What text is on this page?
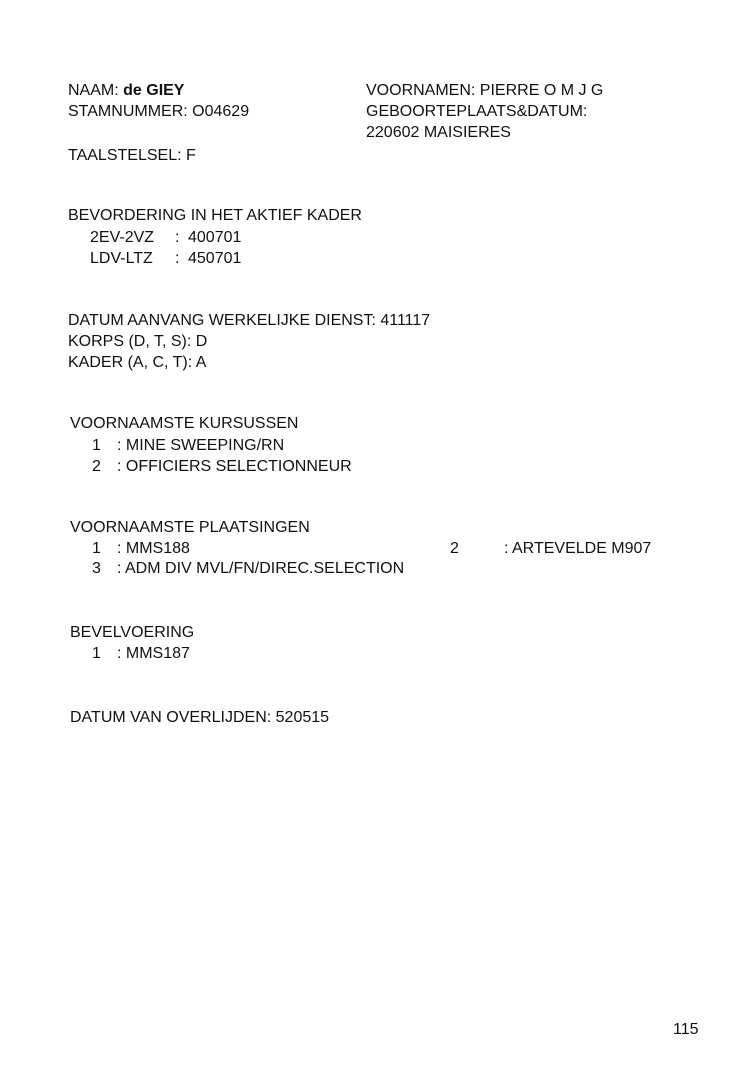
NAAM: de GIEY
STAMNUMMER: O04629
TAALSTELSEL: F
VOORNAMEN: PIERRE O M J G
GEBOORTEPLAATS&DATUM:
220602 MAISIERES
BEVORDERING IN HET AKTIEF KADER
2EV-2VZ : 400701
LDV-LTZ : 450701
DATUM AANVANG WERKELIJKE DIENST: 411117
KORPS (D, T, S): D
KADER (A, C, T): A
VOORNAAMSTE KURSUSSEN
1 : MINE SWEEPING/RN
2 : OFFICIERS SELECTIONNEUR
VOORNAAMSTE PLAATSINGEN
1 : MMS188	2	: ARTEVELDE M907
3 : ADM DIV MVL/FN/DIREC.SELECTION
BEVELVOERING
1 : MMS187
DATUM VAN OVERLIJDEN: 520515
115
